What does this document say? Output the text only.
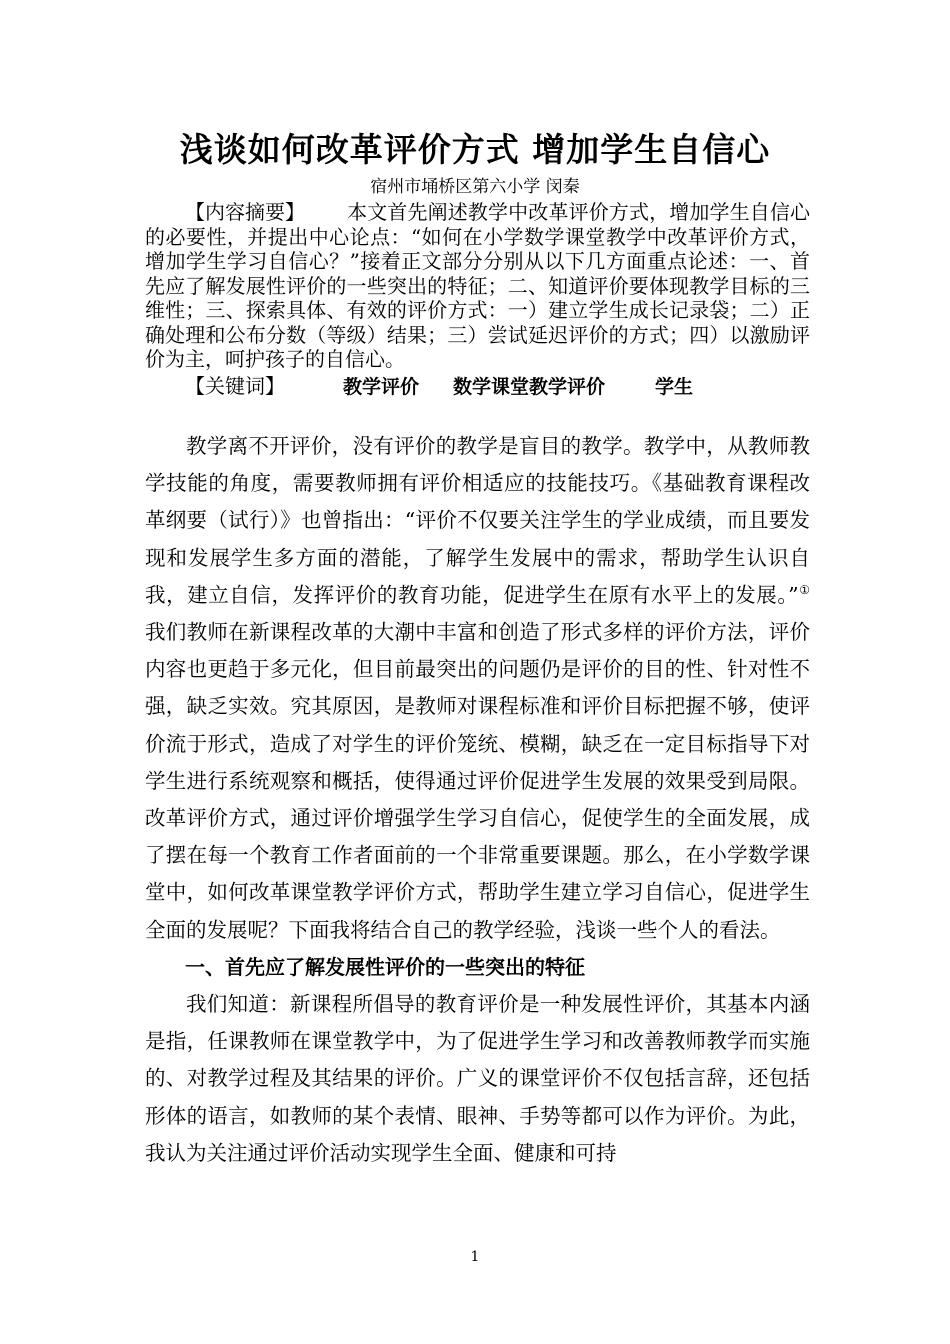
浅谈如何改革评价方式 增加学生自信心
宿州市埇桥区第六小学 闵秦
【内容摘要】 本文首先阐述教学中改革评价方式，增加学生自信心的必要性，并提出中心论点：“如何在小学数学课堂教学中改革评价方式，增加学生学习自信心？”接着正文部分分别从以下几方面重点论述：一、首先应了解发展性评价的一些突出的特征；二、知道评价要体现教学目标的三维性；三、探索具体、有效的评价方式：一）建立学生成长记录袋；二）正确处理和公布分数（等级）结果；三）尝试延迟评价的方式；四）以激励评价为主，呵护孩子的自信心。
【关键词】	教学评价 数学课堂教学评价	学生

教学离不开评价，没有评价的教学是盲目的教学。教学中，从教师教学技能的角度，需要教师拥有评价相适应的技能技巧。《基础教育课程改革纲要（试行）》也曾指出：“评价不仅要关注学生的学业成绩，而且要发现和发展学生多方面的潜能，了解学生发展中的需求，帮助学生认识自我，建立自信，发挥评价的教育功能，促进学生在原有水平上的发展。”①我们教师在新课程改革的大潮中丰富和创造了形式多样的评价方法，评价内容也更趋于多元化，但目前最突出的问题仍是评价的目的性、针对性不强，缺乏实效。究其原因，是教师对课程标准和评价目标把握不够，使评价流于形式，造成了对学生的评价笼统、模糊，缺乏在一定目标指导下对学生进行系统观察和概括，使得通过评价促进学生发展的效果受到局限。改革评价方式，通过评价增强学生学习自信心，促使学生的全面发展，成了摆在每一个教育工作者面前的一个非常重要课题。那么，在小学数学课堂中，如何改革课堂教学评价方式，帮助学生建立学习自信心，促进学生全面的发展呢？下面我将结合自己的教学经验，浅谈一些个人的看法。

一、首先应了解发展性评价的一些突出的特征

我们知道：新课程所倡导的教育评价是一种发展性评价，其基本内涵是指，任课教师在课堂教学中，为了促进学生学习和改善教师教学而实施的、对教学过程及其结果的评价。广义的课堂评价不仅包括言辞，还包括形体的语言，如教师的某个表情、眼神、手势等都可以作为评价。为此，我认为关注通过评价活动实现学生全面、健康和可持

1
